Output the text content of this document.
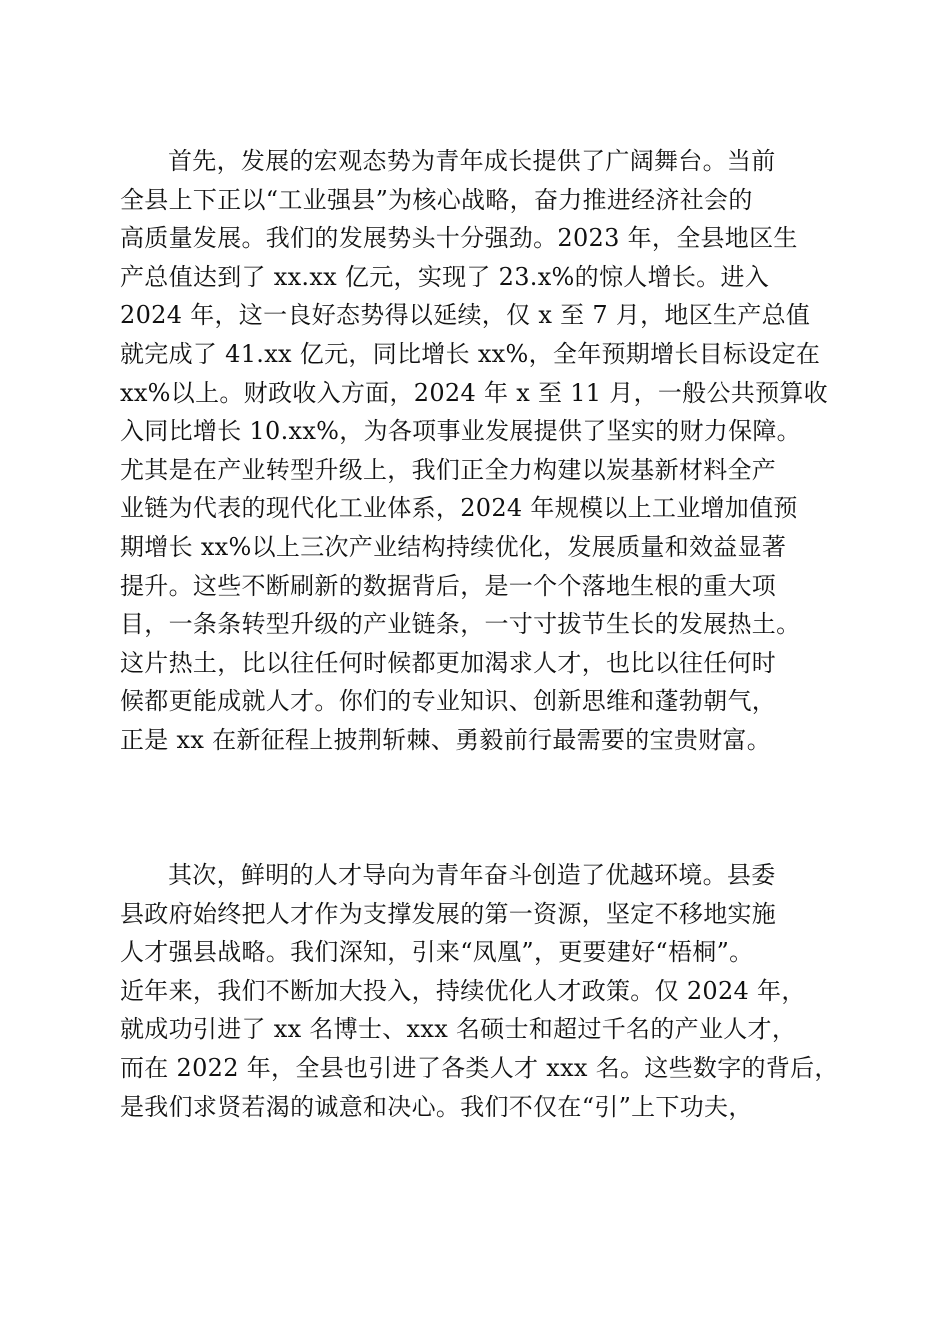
首先，发展的宏观态势为青年成长提供了广阔舞台。当前
全县上下正以“工业强县”为核心战略，奋力推进经济社会的
高质量发展。我们的发展势头十分强劲。2023 年，全县地区生
产总值达到了 xx.xx 亿元，实现了 23.x%的惊人增长。进入
2024 年，这一良好态势得以延续，仅 x 至 7 月，地区生产总值
就完成了 41.xx 亿元，同比增长 xx%，全年预期增长目标设定在
xx%以上。财政收入方面，2024 年 x 至 11 月，一般公共预算收
入同比增长 10.xx%，为各项事业发展提供了坚实的财力保障。
尤其是在产业转型升级上，我们正全力构建以炭基新材料全产
业链为代表的现代化工业体系，2024 年规模以上工业增加值预
期增长 xx%以上三次产业结构持续优化，发展质量和效益显著
提升。这些不断刷新的数据背后，是一个个落地生根的重大项
目，一条条转型升级的产业链条，一寸寸拔节生长的发展热土。
这片热土，比以往任何时候都更加渴求人才，也比以往任何时
候都更能成就人才。你们的专业知识、创新思维和蓬勃朝气，
正是 xx 在新征程上披荆斩棘、勇毅前行最需要的宝贵财富。
其次，鲜明的人才导向为青年奋斗创造了优越环境。县委
县政府始终把人才作为支撑发展的第一资源，坚定不移地实施
人才强县战略。我们深知，引来“凤凰”，更要建好“梧桐”。
近年来，我们不断加大投入，持续优化人才政策。仅 2024 年，
就成功引进了 xx 名博士、xxx 名硕士和超过千名的产业人才，
而在 2022 年，全县也引进了各类人才 xxx 名。这些数字的背后，
是我们求贤若渴的诚意和决心。我们不仅在“引”上下功夫，
